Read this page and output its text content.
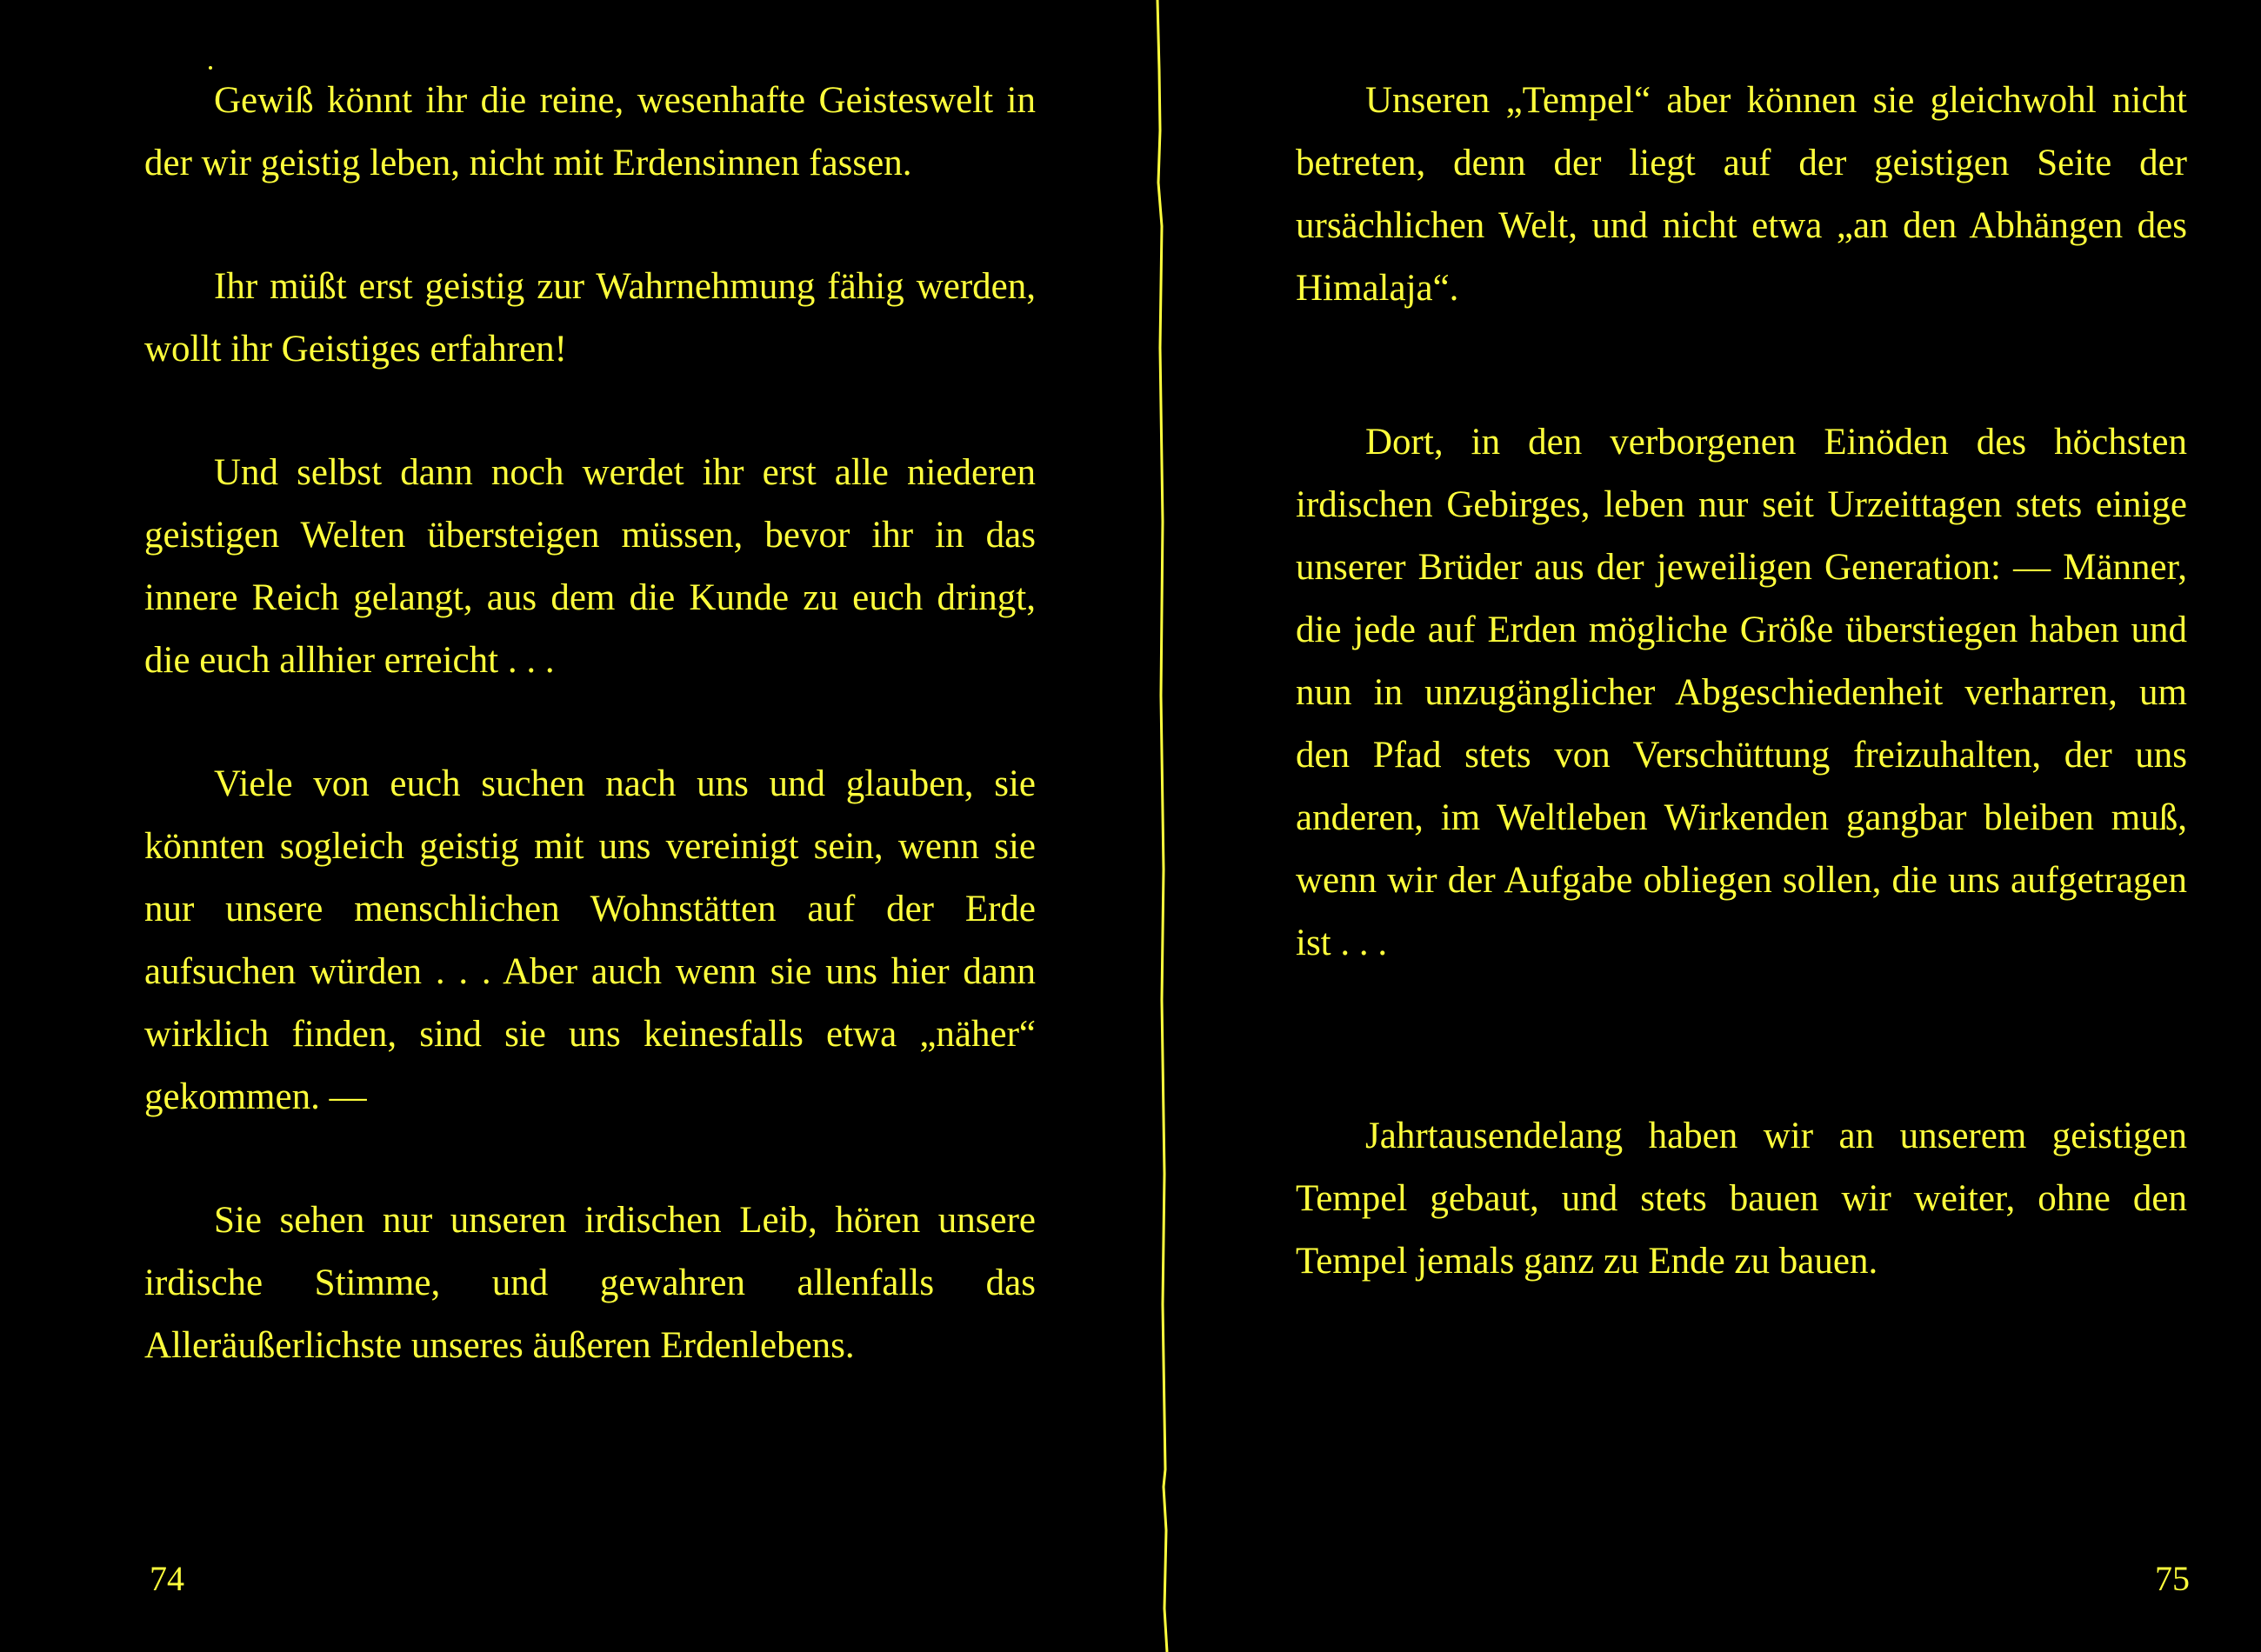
Gewiß könnt ihr die reine, wesenhafte Geisteswelt in der wir geistig leben, nicht mit Erdensinnen fassen.

Ihr müßt erst geistig zur Wahrnehmung fähig werden, wollt ihr Geistiges erfahren!

Und selbst dann noch werdet ihr erst alle niederen geistigen Welten übersteigen müssen, bevor ihr in das innere Reich gelangt, aus dem die Kunde zu euch dringt, die euch allhier erreicht . . .

Viele von euch suchen nach uns und glauben, sie könnten sogleich geistig mit uns vereinigt sein, wenn sie nur unsere menschlichen Wohnstätten auf der Erde aufsuchen würden . . . Aber auch wenn sie uns hier dann wirklich finden, sind sie uns keinesfalls etwa „näher“ gekommen. —

Sie sehen nur unseren irdischen Leib, hören unsere irdische Stimme, und gewahren allenfalls das Alleräußerlichste unseres äußeren Erdenlebens.

Unseren „Tempel“ aber können sie gleichwohl nicht betreten, denn der liegt auf der geistigen Seite der ursächlichen Welt, und nicht etwa „an den Abhängen des Himalaja“.

Dort, in den verborgenen Einöden des höchsten irdischen Gebirges, leben nur seit Urzeittagen stets einige unserer Brüder aus der jeweiligen Generation: — Männer, die jede auf Erden mögliche Größe überstiegen haben und nun in unzugänglicher Abgeschiedenheit verharren, um den Pfad stets von Verschüttung freizuhalten, der uns anderen, im Weltleben Wirkenden gangbar bleiben muß, wenn wir der Aufgabe obliegen sollen, die uns aufgetragen ist . . .

Jahrtausendelang haben wir an unserem geistigen Tempel gebaut, und stets bauen wir weiter, ohne den Tempel jemals ganz zu Ende zu bauen.

74	75
